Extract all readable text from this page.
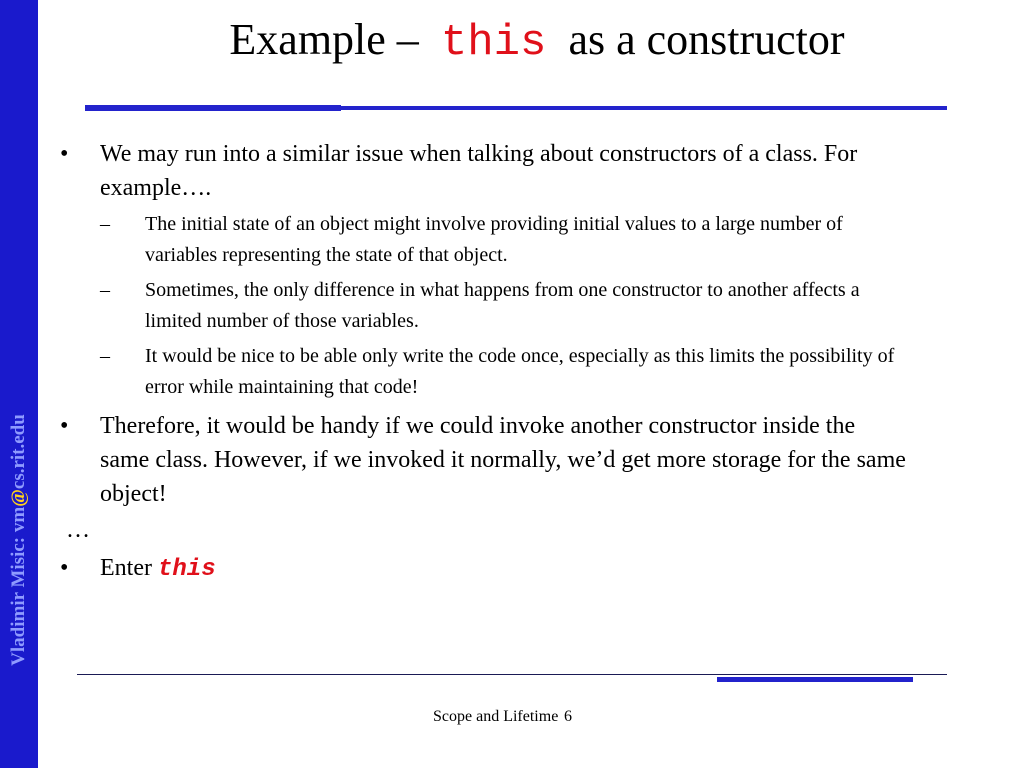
Vladimir Misic: vm@cs.rit.edu
Example – this as a constructor
• We may run into a similar issue when talking about constructors of a class. For example….
– The initial state of an object might involve providing initial values to a large number of variables representing the state of that object.
– Sometimes, the only difference in what happens from one constructor to another affects a limited number of those variables.
– It would be nice to be able only write the code once, especially as this limits the possibility of error while maintaining that code!
• Therefore, it would be handy if we could invoke another constructor inside the same class. However, if we invoked it normally, we’d get more storage for the same object!
…
• Enter this
Scope and Lifetime 6
